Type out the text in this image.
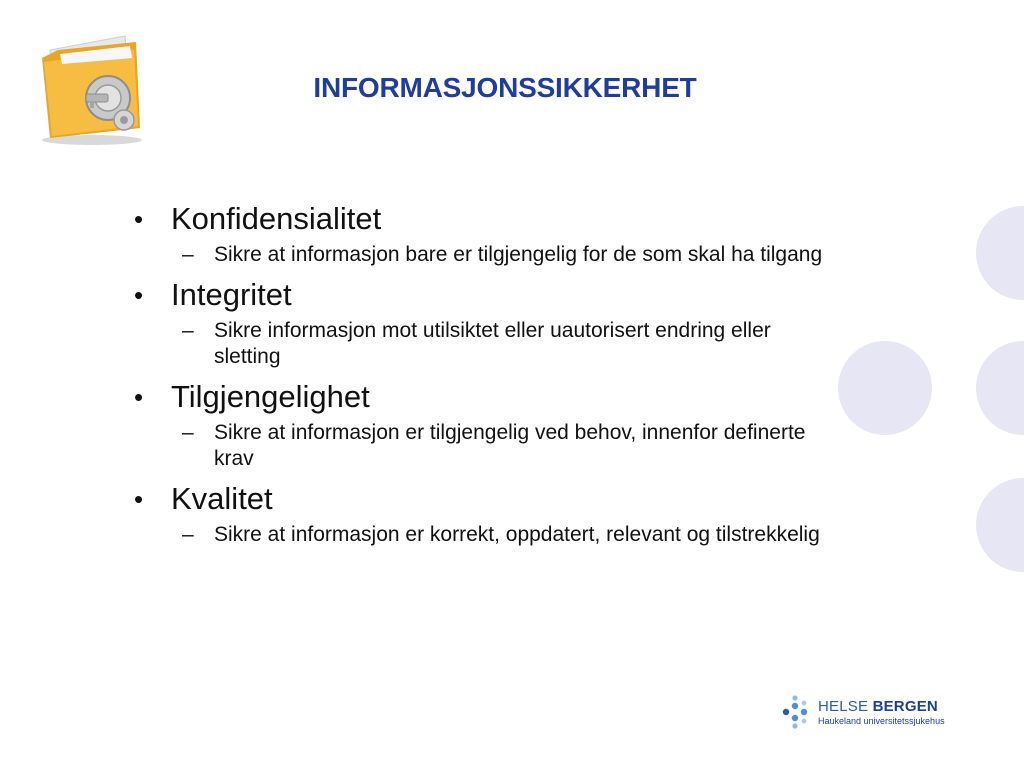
INFORMASJONSSIKKERHET
• Konfidensialitet
– Sikre at informasjon bare er tilgjengelig for de som skal ha tilgang
• Integritet
– Sikre informasjon mot utilsiktet eller uautorisert endring eller sletting
• Tilgjengelighet
– Sikre at informasjon er tilgjengelig ved behov, innenfor definerte krav
• Kvalitet
– Sikre at informasjon er korrekt, oppdatert, relevant og tilstrekkelig
HELSE BERGEN
Haukeland universitetssjukehus
